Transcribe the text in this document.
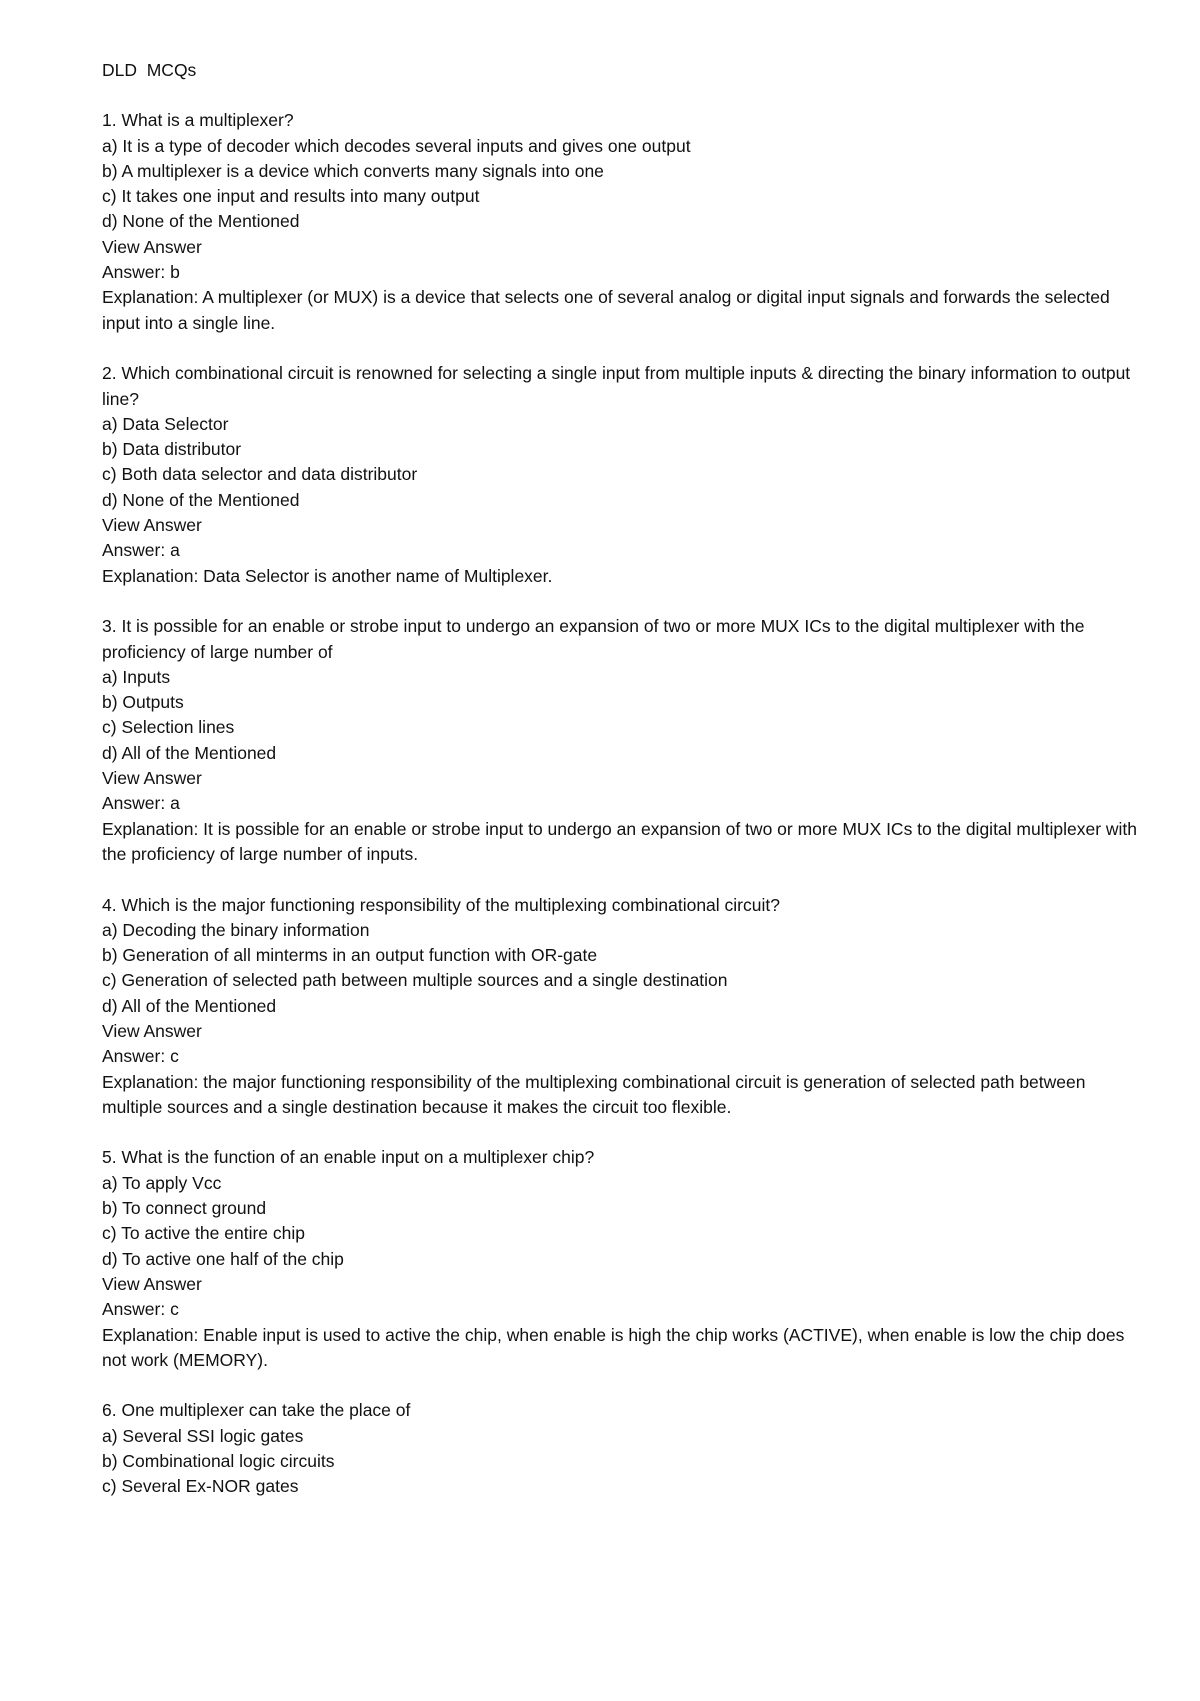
DLD  MCQs
1. What is a multiplexer?
a) It is a type of decoder which decodes several inputs and gives one output
b) A multiplexer is a device which converts many signals into one
c) It takes one input and results into many output
d) None of the Mentioned
View Answer
Answer: b
Explanation: A multiplexer (or MUX) is a device that selects one of several analog or digital input signals and forwards the selected input into a single line.
2. Which combinational circuit is renowned for selecting a single input from multiple inputs & directing the binary information to output line?
a) Data Selector
b) Data distributor
c) Both data selector and data distributor
d) None of the Mentioned
View Answer
Answer: a
Explanation: Data Selector is another name of Multiplexer.
3. It is possible for an enable or strobe input to undergo an expansion of two or more MUX ICs to the digital multiplexer with the proficiency of large number of
a) Inputs
b) Outputs
c) Selection lines
d) All of the Mentioned
View Answer
Answer: a
Explanation: It is possible for an enable or strobe input to undergo an expansion of two or more MUX ICs to the digital multiplexer with the proficiency of large number of inputs.
4. Which is the major functioning responsibility of the multiplexing combinational circuit?
a) Decoding the binary information
b) Generation of all minterms in an output function with OR-gate
c) Generation of selected path between multiple sources and a single destination
d) All of the Mentioned
View Answer
Answer: c
Explanation: the major functioning responsibility of the multiplexing combinational circuit is generation of selected path between multiple sources and a single destination because it makes the circuit too flexible.
5. What is the function of an enable input on a multiplexer chip?
a) To apply Vcc
b) To connect ground
c) To active the entire chip
d) To active one half of the chip
View Answer
Answer: c
Explanation: Enable input is used to active the chip, when enable is high the chip works (ACTIVE), when enable is low the chip does not work (MEMORY).
6. One multiplexer can take the place of
a) Several SSI logic gates
b) Combinational logic circuits
c) Several Ex-NOR gates
